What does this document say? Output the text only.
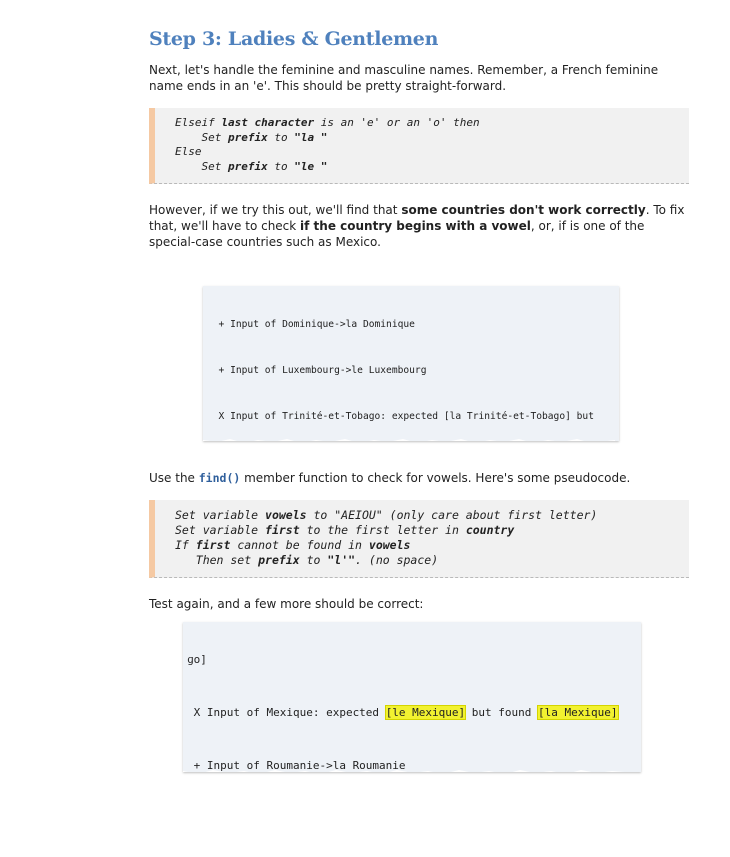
Step 3: Ladies & Gentlemen

Next, let's handle the feminine and masculine names. Remember, a French feminine name ends in an 'e'. This should be pretty straight-forward.

Elseif last character is an 'e' or an 'o' then
Set prefix to "la "
Else
Set prefix to "le "

However, if we try this out, we'll find that some countries don't work correctly. To fix that, we'll have to check if the country begins with a vowel, or, if is one of the special-case countries such as Mexico.

+ Input of Dominique->la Dominique

+ Input of Luxembourg->le Luxembourg

X Input of Trinité-et-Tobago: expected [la Trinité-et-Tobago] but

Use the find() member function to check for vowels. Here's some pseudocode.

Set variable vowels to "AEIOU" (only care about first letter)
Set variable first to the first letter in country
If first cannot be found in vowels
Then set prefix to "l'". (no space)

Test again, and a few more should be correct:

ɡo]

X Input of Mexique: expected [le Mexique] but found [la Mexique]

+ Input of Roumanie->la Roumanie
